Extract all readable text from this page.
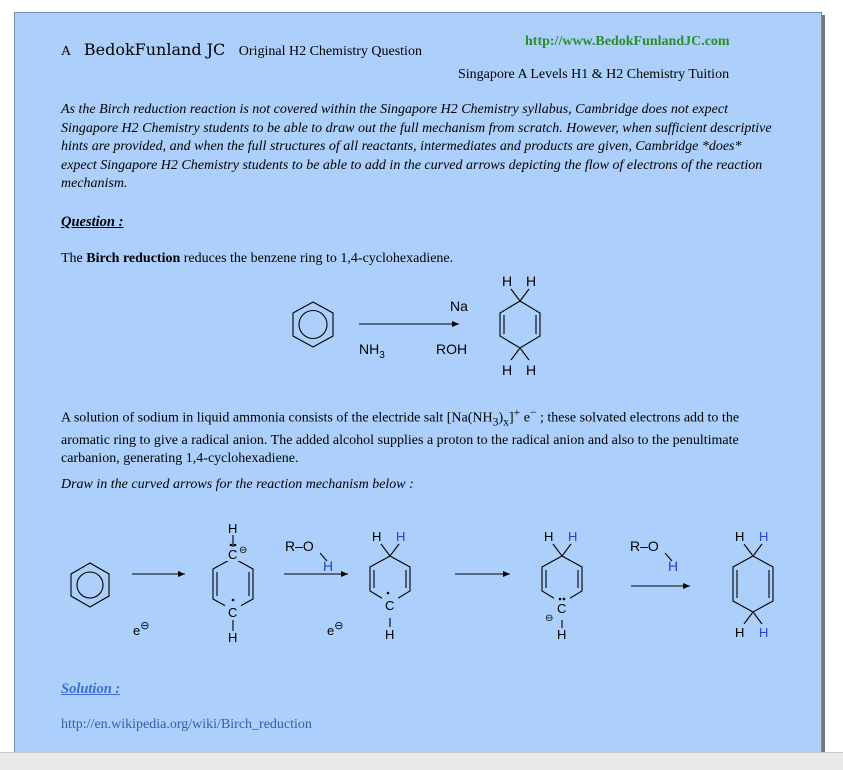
A BedokFunland JC Original H2 Chemistry Question
http://www.BedokFunlandJC.com
Singapore A Levels H1 & H2 Chemistry Tuition
As the Birch reduction reaction is not covered within the Singapore H2 Chemistry syllabus, Cambridge does not expect Singapore H2 Chemistry students to be able to draw out the full mechanism from scratch. However, when sufficient descriptive hints are provided, and when the full structures of all reactants, intermediates and products are given, Cambridge *does* expect Singapore H2 Chemistry students to be able to add in the curved arrows depicting the flow of electrons of the reaction mechanism.
Question :
The Birch reduction reduces the benzene ring to 1,4-cyclohexadiene.
Na
$NH_3$	ROH
H H
H H
A solution of sodium in liquid ammonia consists of the electride salt $[Na(NH_3)_x]^+$ e− ; these solvated electrons add to the aromatic ring to give a radical anion. The added alcohol supplies a proton to the radical anion and also to the penultimate carbanion, generating 1,4-cyclohexadiene.
Draw in the curved arrows for the reaction mechanism below :
e⊖
H
C ⊖
C
H
R–O
H
e⊖
H H
C
H
H H
C
⊖
H
R–O
H
H H
H H
Solution :
http://en.wikipedia.org/wiki/Birch_reduction
